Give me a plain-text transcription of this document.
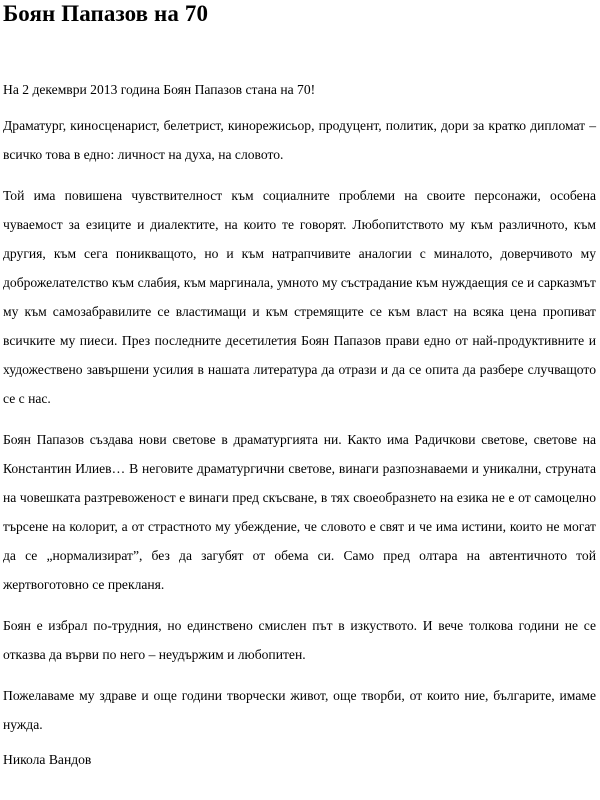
Боян Папазов на 70

На 2 декември 2013 година Боян Папазов стана на 70!

Драматург, киносценарист, белетрист, кинорежисьор, продуцент, политик, дори за кратко дипломат – всичко това в едно: личност на духа, на словото.

Той има повишена чувствителност към социалните проблеми на своите персонажи, особена чуваемост за езиците и диалектите, на които те говорят. Любопитството му към различното, към другия, към сега поникващото, но и към натрапчивите аналогии с миналото, доверчивото му доброжелателство към слабия, към маргинала, умното му състрадание към нуждаещия се и сарказмът му към самозабравилите се властимащи и към стремящите се към власт на всяка цена пропиват всичките му пиеси. През последните десетилетия Боян Папазов прави едно от най-продуктивните и художествено завършени усилия в нашата литература да отрази и да се опита да разбере случващото се с нас.

Боян Папазов създава нови светове в драматургията ни. Както има Радичкови светове, светове на Константин Илиев… В неговите драматургични светове, винаги разпознаваеми и уникални, струната на човешката разтревоженост е винаги пред скъсване, в тях своеобразнето на езика не е от самоцелно търсене на колорит, а от страстното му убеждение, че словото е свят и че има истини, които не могат да се „нормализират”, без да загубят от обема си. Само пред олтара на автентичното той жертвоготовно се прекланя.

Боян е избрал по-трудния, но единствено смислен път в изкуството. И вече толкова години не се отказва да върви по него – неудържим и любопитен.

Пожелаваме му здраве и още години творчески живот, още творби, от които ние, българите, имаме нужда.

Никола Вандов
